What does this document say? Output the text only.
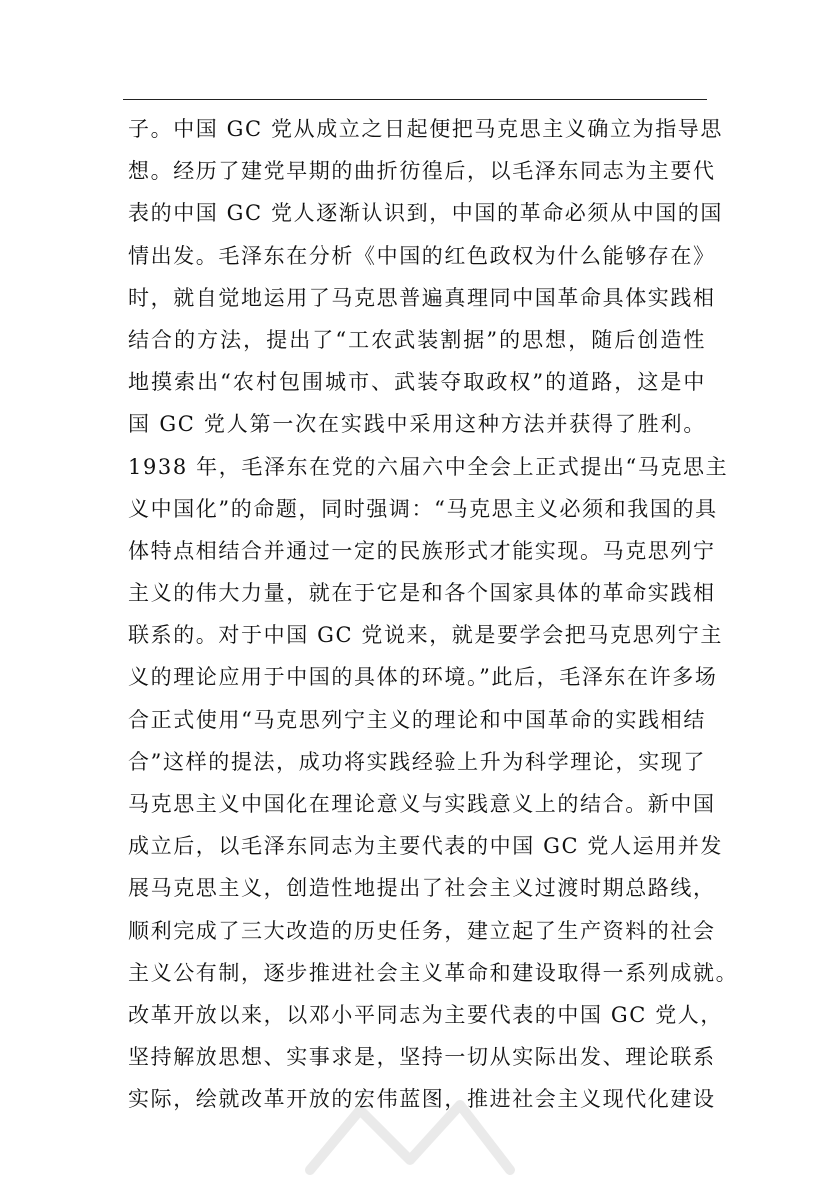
子。中国 GC 党从成立之日起便把马克思主义确立为指导思
想。经历了建党早期的曲折彷徨后，以毛泽东同志为主要代
表的中国 GC 党人逐渐认识到，中国的革命必须从中国的国
情出发。毛泽东在分析《中国的红色政权为什么能够存在》
时，就自觉地运用了马克思普遍真理同中国革命具体实践相
结合的方法，提出了“工农武装割据”的思想，随后创造性
地摸索出“农村包围城市、武装夺取政权”的道路，这是中
国 GC 党人第一次在实践中采用这种方法并获得了胜利。
1938 年，毛泽东在党的六届六中全会上正式提出“马克思主
义中国化”的命题，同时强调：“马克思主义必须和我国的具
体特点相结合并通过一定的民族形式才能实现。马克思列宁
主义的伟大力量，就在于它是和各个国家具体的革命实践相
联系的。对于中国 GC 党说来，就是要学会把马克思列宁主
义的理论应用于中国的具体的环境。”此后，毛泽东在许多场
合正式使用“马克思列宁主义的理论和中国革命的实践相结
合”这样的提法，成功将实践经验上升为科学理论，实现了
马克思主义中国化在理论意义与实践意义上的结合。新中国
成立后，以毛泽东同志为主要代表的中国 GC 党人运用并发
展马克思主义，创造性地提出了社会主义过渡时期总路线，
顺利完成了三大改造的历史任务，建立起了生产资料的社会
主义公有制，逐步推进社会主义革命和建设取得一系列成就。
改革开放以来，以邓小平同志为主要代表的中国 GC 党人，
坚持解放思想、实事求是，坚持一切从实际出发、理论联系
实际，绘就改革开放的宏伟蓝图，推进社会主义现代化建设
